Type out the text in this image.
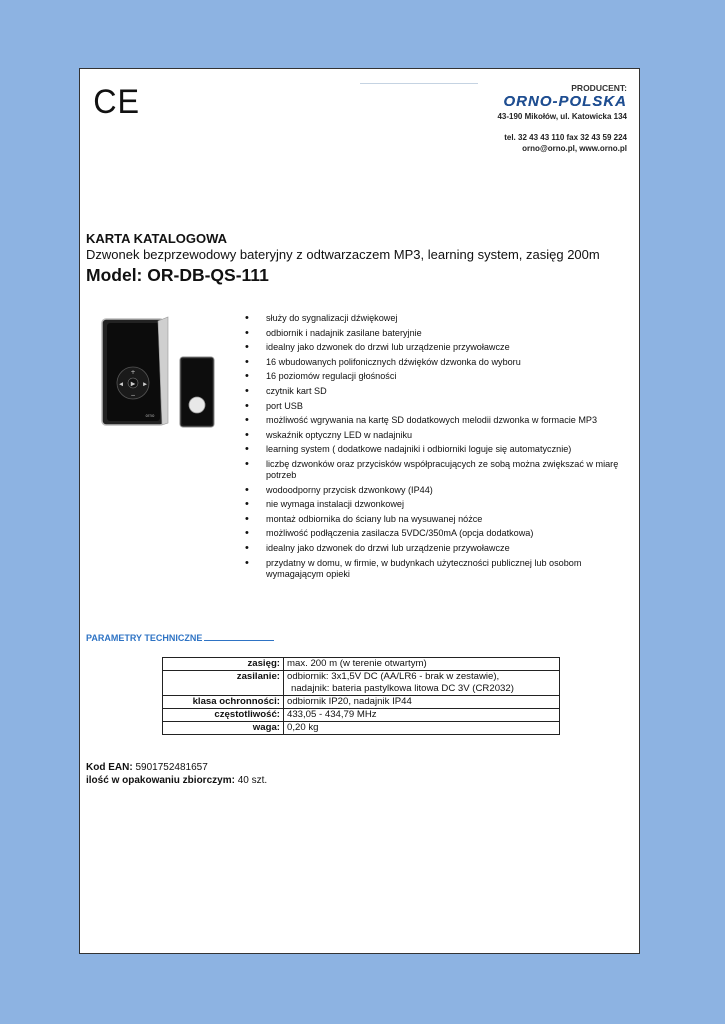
CE	PRODUCENT:
ORNO-POLSKA
43-190 Mikołów, ul. Katowicka 134
tel. 32 43 43 110 fax 32 43 59 224
orno@orno.pl, www.orno.pl
KARTA KATALOGOWA
Dzwonek bezprzewodowy bateryjny z odtwarzaczem MP3, learning system, zasięg 200m
Model: OR-DB-QS-111
▶
◀	▶
+
−
orno
• służy do sygnalizacji dźwiękowej
• odbiornik i nadajnik zasilane bateryjnie
• idealny jako dzwonek do drzwi lub urządzenie przywoławcze
• 16 wbudowanych polifonicznych dźwięków dzwonka do wyboru
• 16 poziomów regulacji głośności
• czytnik kart SD
• port USB
• możliwość wgrywania na kartę SD dodatkowych melodii dzwonka w formacie MP3
• wskaźnik optyczny LED w nadajniku
• learning system ( dodatkowe nadajniki i odbiorniki loguje się automatycznie)
• liczbę dzwonków oraz przycisków współpracujących ze sobą można zwiększać w miarę potrzeb
• wodoodporny przycisk dzwonkowy (IP44)
• nie wymaga instalacji dzwonkowej
• montaż odbiornika do ściany lub na wysuwanej nóżce
• możliwość podłączenia zasilacza 5VDC/350mA (opcja dodatkowa)
• idealny jako dzwonek do drzwi lub urządzenie przywoławcze
• przydatny w domu, w firmie, w budynkach użyteczności publicznej lub osobom wymagającym opieki
PARAMETRY TECHNICZNE
zasięg:	max. 200 m (w terenie otwartym)
zasilanie:	odbiornik: 3x1,5V DC (AA/LR6 - brak w zestawie),
nadajnik: bateria pastylkowa litowa DC 3V (CR2032)

klasa ochronności:	odbiornik IP20, nadajnik IP44
częstotliwość:	433,05 - 434,79 MHz
waga:	0,20 kg
Kod EAN: 5901752481657
ilość w opakowaniu zbiorczym: 40 szt.
